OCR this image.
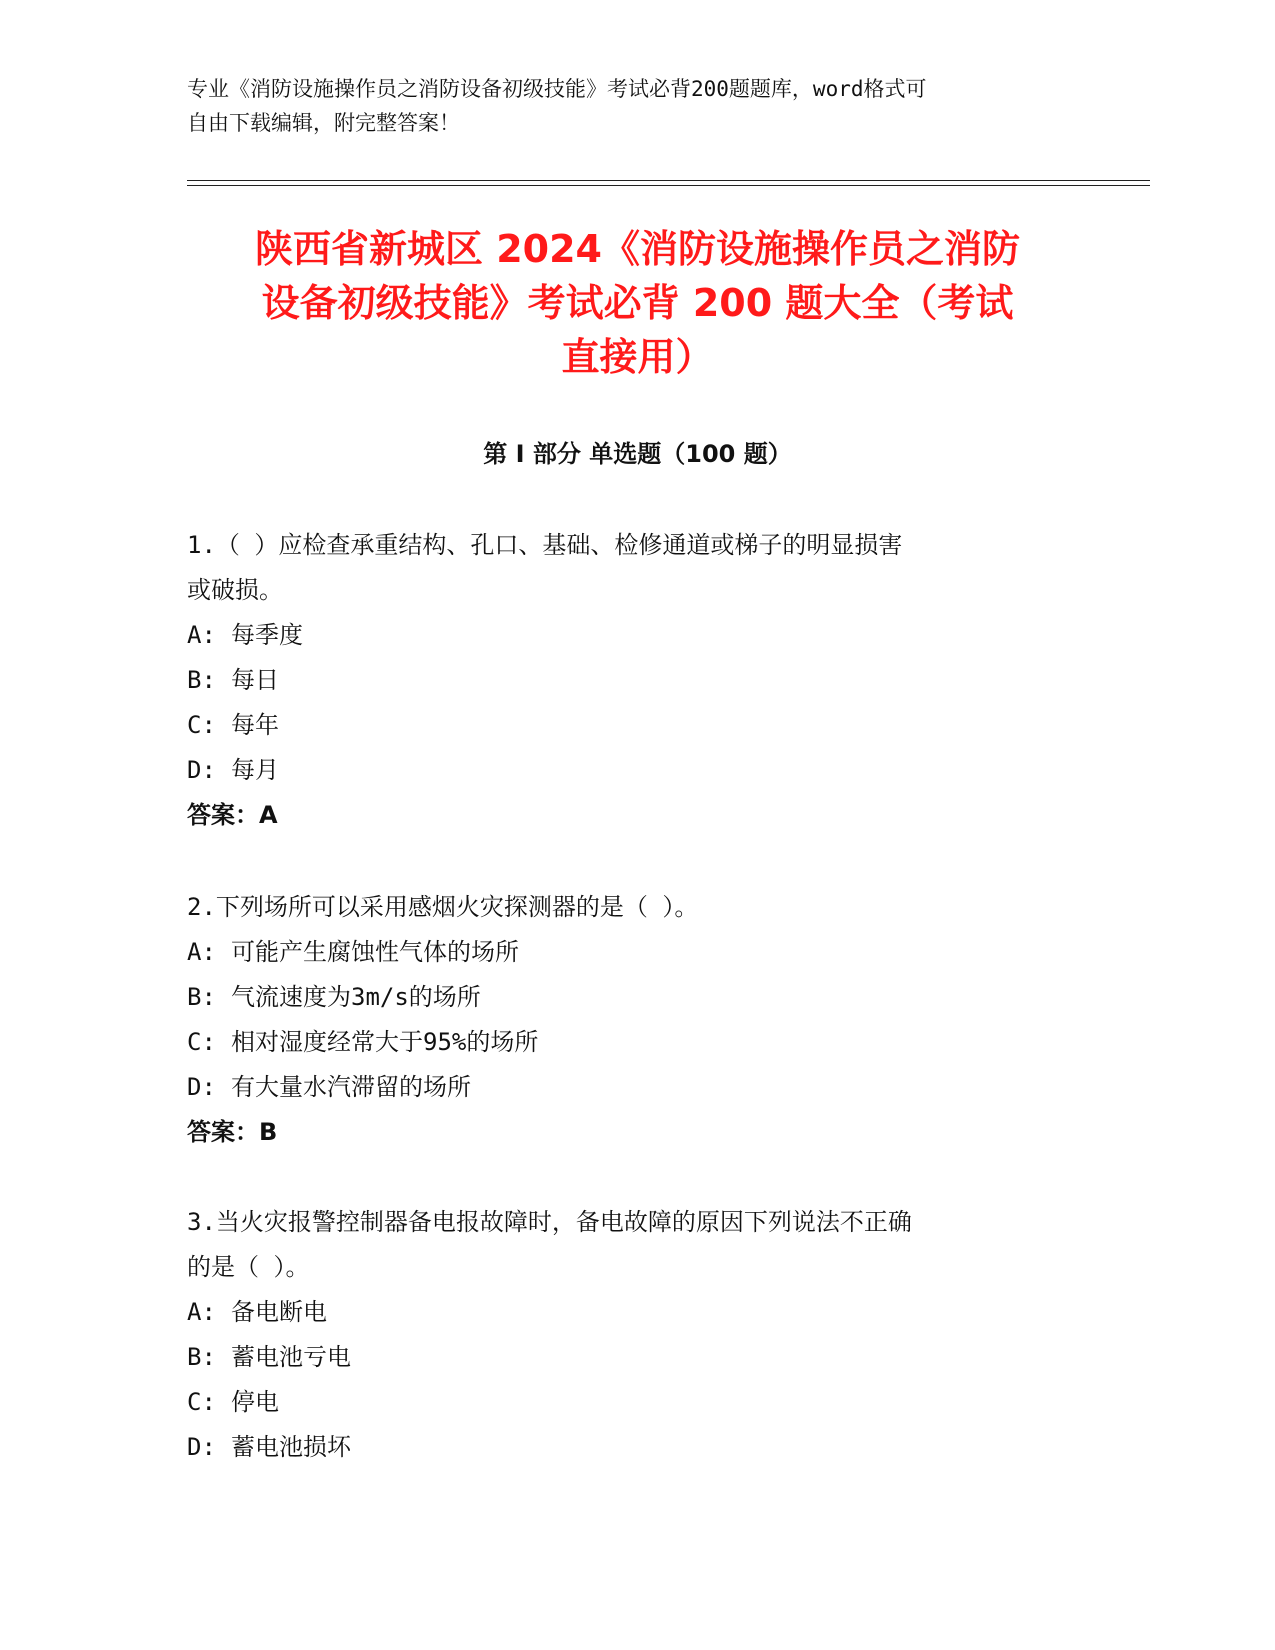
专业《消防设施操作员之消防设备初级技能》考试必背200题题库，word格式可
自由下载编辑，附完整答案！
陕西省新城区 2024《消防设施操作员之消防
设备初级技能》考试必背 200 题大全（考试
直接用）
第 I 部分 单选题（100 题）
1.（ ）应检查承重结构、孔口、基础、检修通道或梯子的明显损害
或破损。
A: 每季度
B: 每日
C: 每年
D: 每月
答案：A
2.下列场所可以采用感烟火灾探测器的是（ ）。
A: 可能产生腐蚀性气体的场所
B: 气流速度为3m/s的场所
C: 相对湿度经常大于95%的场所
D: 有大量水汽滞留的场所
答案：B
3.当火灾报警控制器备电报故障时，备电故障的原因下列说法不正确
的是（ ）。
A: 备电断电
B: 蓄电池亏电
C: 停电
D: 蓄电池损坏
